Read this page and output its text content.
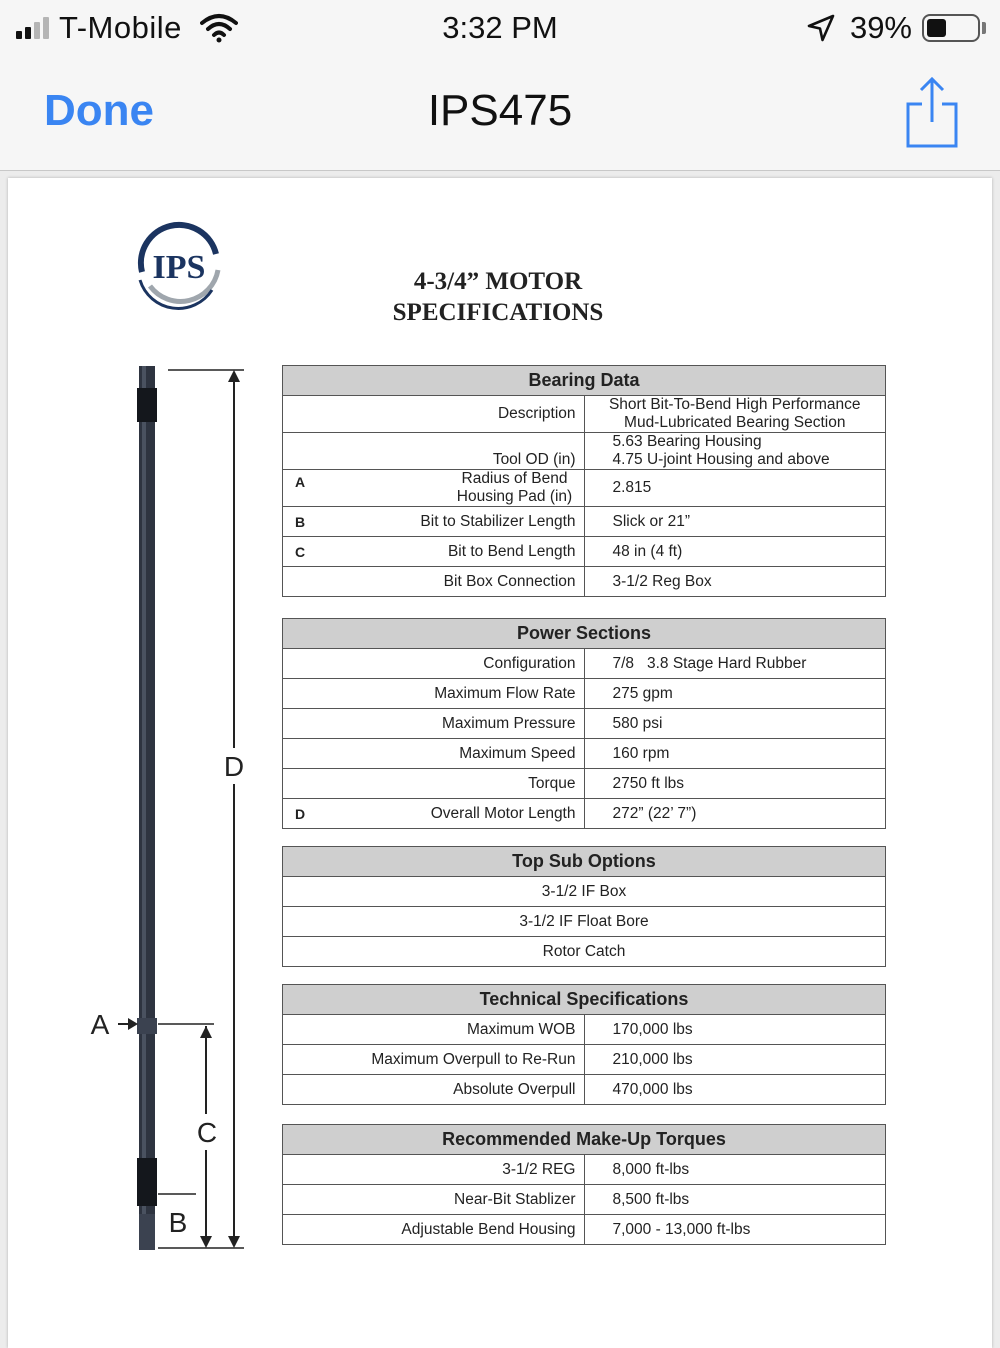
T-Mobile	3:32 PM	39%
Done	IPS475
IPS	4-3/4” MOTOR
SPECIFICATIONS
D
C
B
A
Bearing Data	
Description	Short Bit-To-Bend High Performance Mud-Lubricated Bearing Section
Tool OD (in)	5.63 Bearing Housing
4.75 U-joint Housing and above

A Radius of Bend Housing Pad (in)	2.815

B Bit to Stabilizer Length	Slick or 21”

C Bit to Bend Length	48 in (4 ft)
Bit Box Connection	3-1/2 Reg Box
Power Sections	
Configuration	7/8   3.8 Stage Hard Rubber
Maximum Flow Rate	275 gpm
Maximum Pressure	580 psi
Maximum Speed	160 rpm
Torque	2750 ft lbs

D Overall Motor Length	272” (22’ 7”)
Top Sub Options
3-1/2 IF Box
3-1/2 IF Float Bore
Rotor Catch
Technical Specifications	
Maximum WOB	170,000 lbs
Maximum Overpull to Re-Run	210,000 lbs
Absolute Overpull	470,000 lbs
Recommended Make-Up Torques	
3-1/2 REG	8,000 ft-lbs
Near-Bit Stablizer	8,500 ft-lbs
Adjustable Bend Housing	7,000 - 13,000 ft-lbs
